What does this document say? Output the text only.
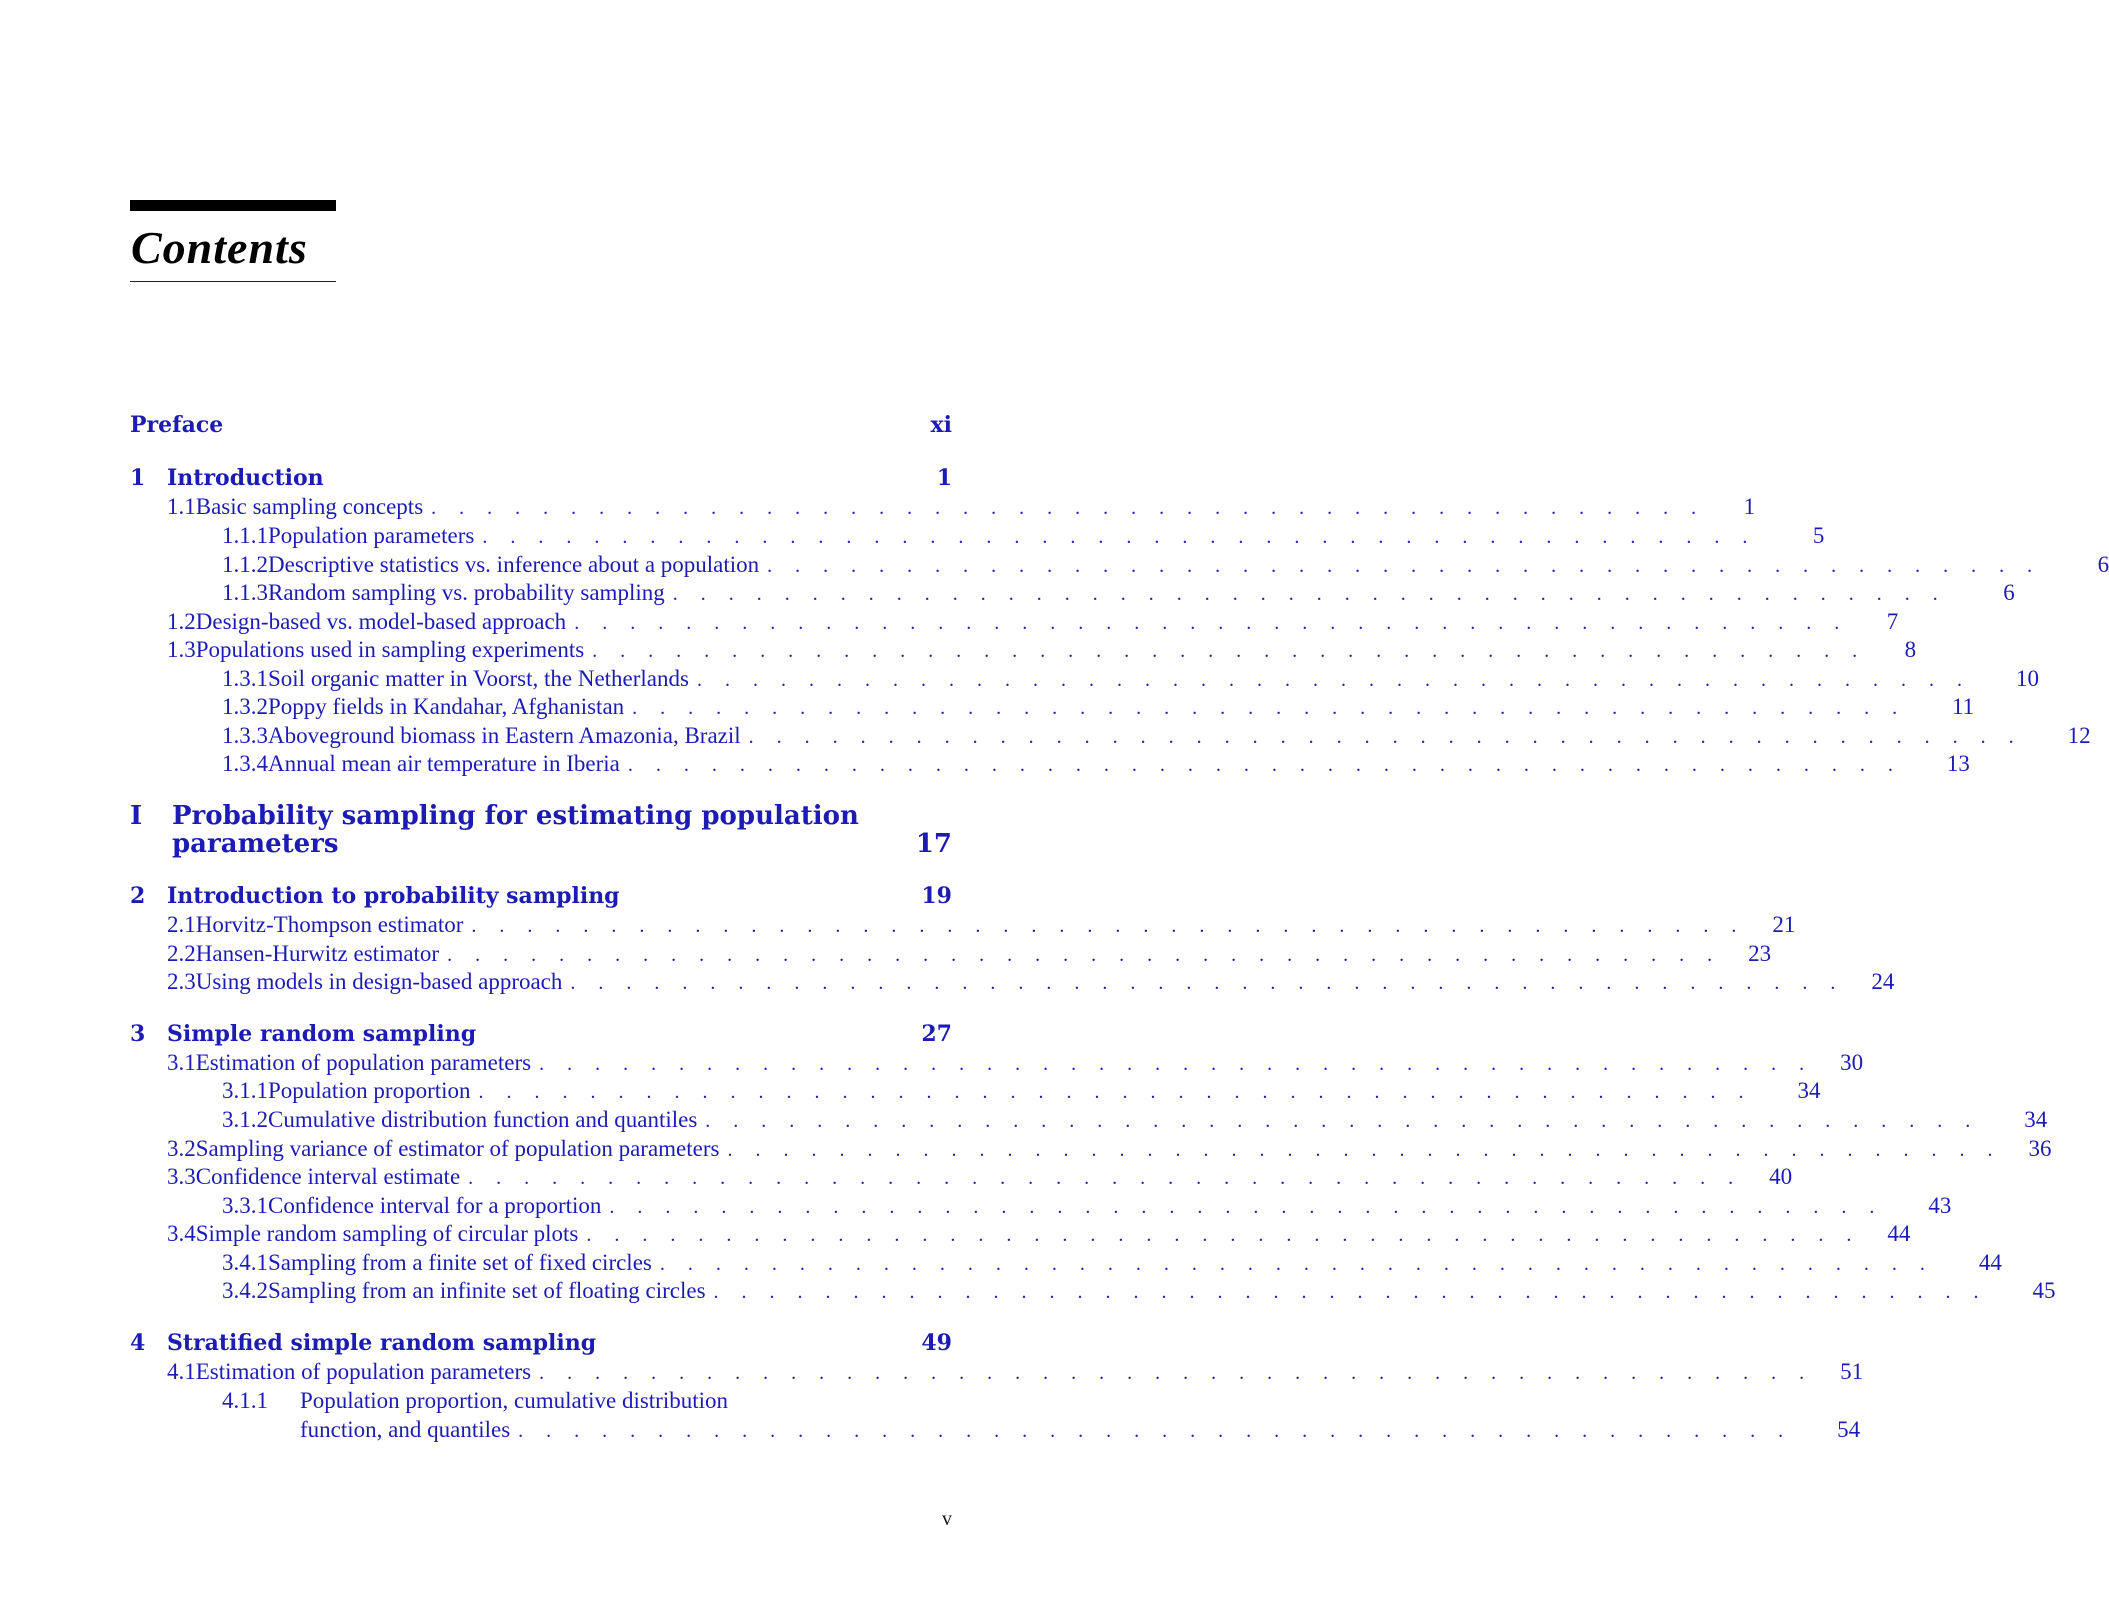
Contents
Preface	xi
1 Introduction	1
1.1 Basic sampling concepts . . . . . . . . . . . . . . . . . . . . . . . . . . . . . . . . . . . . . . . . . . . . . .	1
1.1.1 Population parameters . . . . . . . . . . . . . . . . . . . . . . . . . . . . . . . . . . . . . . . . . . . . . .	5
1.1.2 Descriptive statistics vs. inference about a population . . . . . . . . . . . . . . . . . . . . . . . . . . . . . . . . . . . . . . . . . . . . . .	6
1.1.3 Random sampling vs. probability sampling . . . . . . . . . . . . . . . . . . . . . . . . . . . . . . . . . . . . . . . . . . . . . .	6
1.2 Design-based vs. model-based approach . . . . . . . . . . . . . . . . . . . . . . . . . . . . . . . . . . . . . . . . . . . . . .	7
1.3 Populations used in sampling experiments . . . . . . . . . . . . . . . . . . . . . . . . . . . . . . . . . . . . . . . . . . . . . .	8
1.3.1 Soil organic matter in Voorst, the Netherlands . . . . . . . . . . . . . . . . . . . . . . . . . . . . . . . . . . . . . . . . . . . . . .	10
1.3.2 Poppy fields in Kandahar, Afghanistan . . . . . . . . . . . . . . . . . . . . . . . . . . . . . . . . . . . . . . . . . . . . . .	11
1.3.3 Aboveground biomass in Eastern Amazonia, Brazil . . . . . . . . . . . . . . . . . . . . . . . . . . . . . . . . . . . . . . . . . . . . . .	12
1.3.4 Annual mean air temperature in Iberia . . . . . . . . . . . . . . . . . . . . . . . . . . . . . . . . . . . . . . . . . . . . . .	13
I Probability sampling for estimating population
parameters	17
2 Introduction to probability sampling	19
2.1 Horvitz-Thompson estimator . . . . . . . . . . . . . . . . . . . . . . . . . . . . . . . . . . . . . . . . . . . . . .	21
2.2 Hansen-Hurwitz estimator . . . . . . . . . . . . . . . . . . . . . . . . . . . . . . . . . . . . . . . . . . . . . .	23
2.3 Using models in design-based approach . . . . . . . . . . . . . . . . . . . . . . . . . . . . . . . . . . . . . . . . . . . . . .	24
3 Simple random sampling	27
3.1 Estimation of population parameters . . . . . . . . . . . . . . . . . . . . . . . . . . . . . . . . . . . . . . . . . . . . . .	30
3.1.1 Population proportion . . . . . . . . . . . . . . . . . . . . . . . . . . . . . . . . . . . . . . . . . . . . . .	34
3.1.2 Cumulative distribution function and quantiles . . . . . . . . . . . . . . . . . . . . . . . . . . . . . . . . . . . . . . . . . . . . . .	34
3.2 Sampling variance of estimator of population parameters . . . . . . . . . . . . . . . . . . . . . . . . . . . . . . . . . . . . . . . . . . . . . .	36
3.3 Confidence interval estimate . . . . . . . . . . . . . . . . . . . . . . . . . . . . . . . . . . . . . . . . . . . . . .	40
3.3.1 Confidence interval for a proportion . . . . . . . . . . . . . . . . . . . . . . . . . . . . . . . . . . . . . . . . . . . . . .	43
3.4 Simple random sampling of circular plots . . . . . . . . . . . . . . . . . . . . . . . . . . . . . . . . . . . . . . . . . . . . . .	44
3.4.1 Sampling from a finite set of fixed circles . . . . . . . . . . . . . . . . . . . . . . . . . . . . . . . . . . . . . . . . . . . . . .	44
3.4.2 Sampling from an infinite set of floating circles . . . . . . . . . . . . . . . . . . . . . . . . . . . . . . . . . . . . . . . . . . . . . .	45
4 Stratified simple random sampling	49
4.1 Estimation of population parameters . . . . . . . . . . . . . . . . . . . . . . . . . . . . . . . . . . . . . . . . . . . . . .	51
4.1.1	Population proportion, cumulative distribution
function, and quantiles . . . . . . . . . . . . . . . . . . . . . . . . . . . . . . . . . . . . . . . . . . . . . .	54
v
